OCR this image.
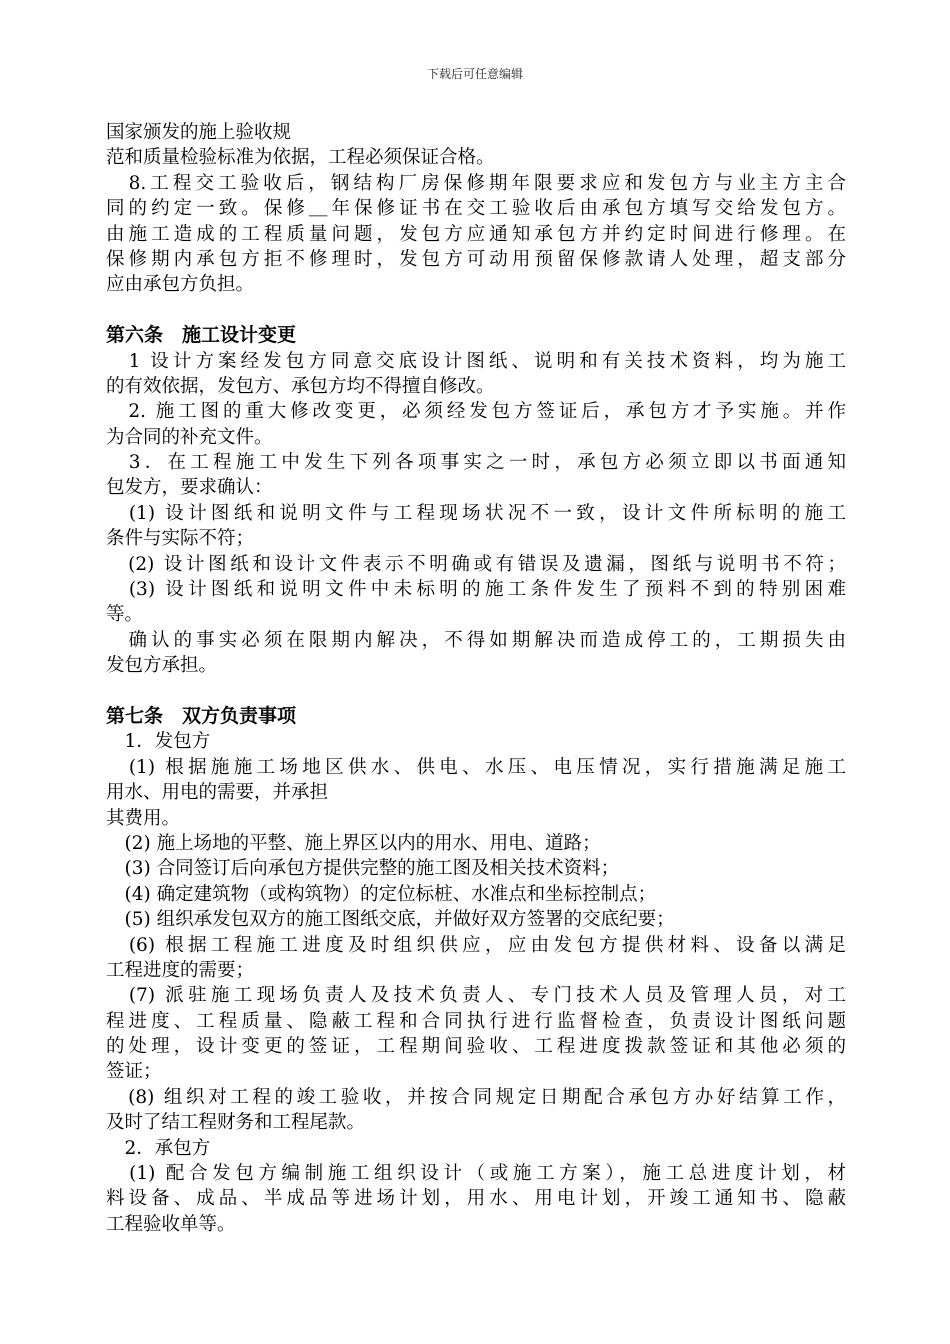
下载后可任意编辑
国家颁发的施上验收规
范和质量检验标准为依据，工程必须保证合格。
　8.工程交工验收后，钢结构厂房保修期年限要求应和发包方与业主方主合
同的约定一致。保修＿年保修证书在交工验收后由承包方填写交给发包方。
由施工造成的工程质量问题，发包方应通知承包方并约定时间进行修理。在
保修期内承包方拒不修理时，发包方可动用预留保修款请人处理，超支部分
应由承包方负担。
第六条　施工设计变更
　1 设计方案经发包方同意交底设计图纸、说明和有关技术资料，均为施工
的有效依据，发包方、承包方均不得擅自修改。
　2. 施工图的重大修改变更，必须经发包方签证后，承包方才予实施。并作
为合同的补充文件。
　3．在工程施工中发生下列各项事实之一时，承包方必须立即以书面通知
包发方，要求确认：
　(1) 设计图纸和说明文件与工程现场状况不一致，设计文件所标明的施工
条件与实际不符；
　(2) 设计图纸和设计文件表示不明确或有错误及遗漏，图纸与说明书不符；
　(3) 设计图纸和说明文件中未标明的施工条件发生了预料不到的特别困难
等。
　确认的事实必须在限期内解决，不得如期解决而造成停工的，工期损失由
发包方承担。
第七条　双方负责事项
　1．发包方
　(1) 根据施施工场地区供水、供电、水压、电压情况，实行措施满足施工
用水、用电的需要，并承担
其费用。
　(2) 施上场地的平整、施上界区以内的用水、用电、道路；
　(3) 合同签订后向承包方提供完整的施工图及相关技术资料；
　(4) 确定建筑物（或构筑物）的定位标桩、水准点和坐标控制点；
　(5) 组织承发包双方的施工图纸交底，并做好双方签署的交底纪要；
　(6) 根据工程施工进度及时组织供应，应由发包方提供材料、设备以满足
工程进度的需要；
　(7) 派驻施工现场负责人及技术负责人、专门技术人员及管理人员，对工
程进度、工程质量、隐蔽工程和合同执行进行监督检查，负责设计图纸问题
的处理，设计变更的签证，工程期间验收、工程进度拨款签证和其他必须的
签证；
　(8) 组织对工程的竣工验收，并按合同规定日期配合承包方办好结算工作，
及时了结工程财务和工程尾款。
　2．承包方
　(1) 配合发包方编制施工组织设计（或施工方案），施工总进度计划，材
料设备、成品、半成品等进场计划，用水、用电计划，开竣工通知书、隐蔽
工程验收单等。
